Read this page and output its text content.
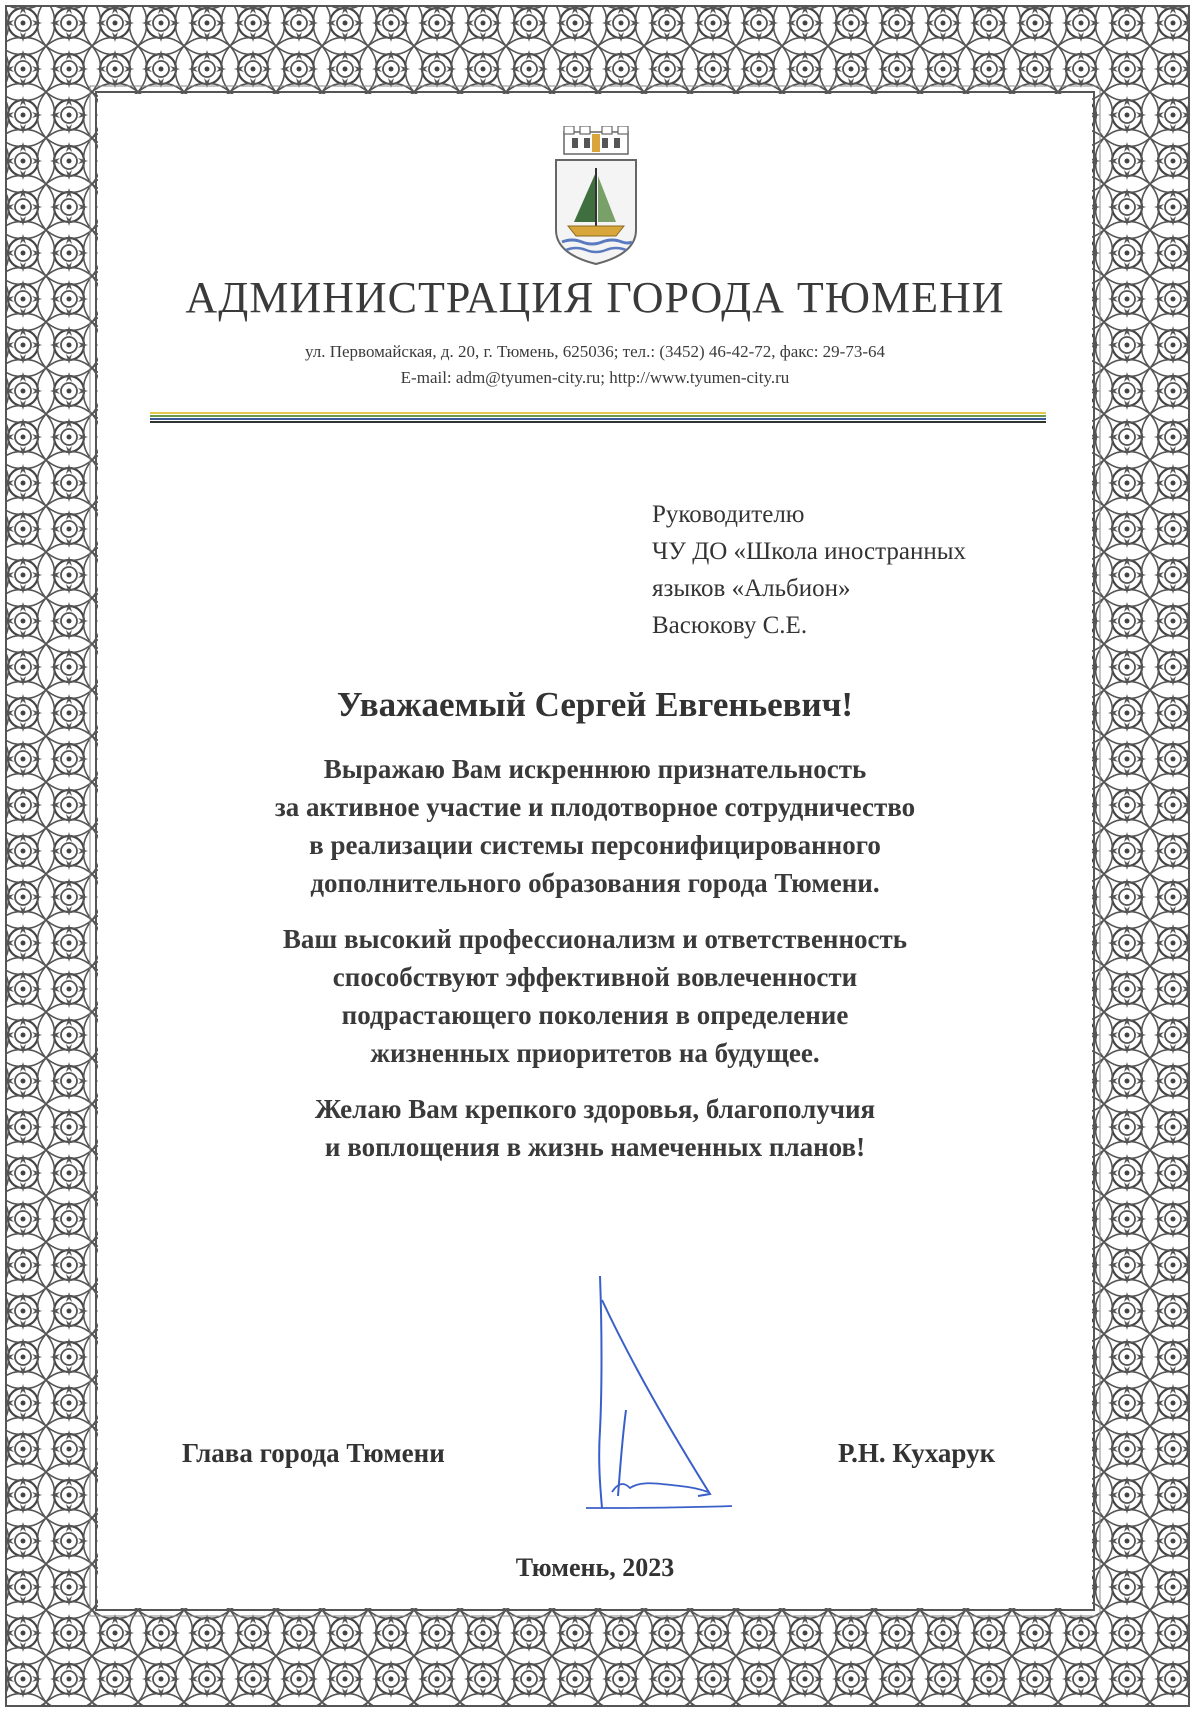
АДМИНИСТРАЦИЯ ГОРОДА ТЮМЕНИ
ул. Первомайская, д. 20, г. Тюмень, 625036; тел.: (3452) 46-42-72, факс: 29-73-64
E-mail: adm@tyumen-city.ru; http://www.tyumen-city.ru
Руководителю
ЧУ ДО «Школа иностранных
языков «Альбион»
Васюкову С.Е.
Уважаемый Сергей Евгеньевич!
Выражаю Вам искреннюю признательность
за активное участие и плодотворное сотрудничество
в реализации системы персонифицированного
дополнительного образования города Тюмени.
Ваш высокий профессионализм и ответственность
способствуют эффективной вовлеченности
подрастающего поколения в определение
жизненных приоритетов на будущее.
Желаю Вам крепкого здоровья, благополучия
и воплощения в жизнь намеченных планов!
Глава города Тюмени	Р.Н. Кухарук
Тюмень, 2023
